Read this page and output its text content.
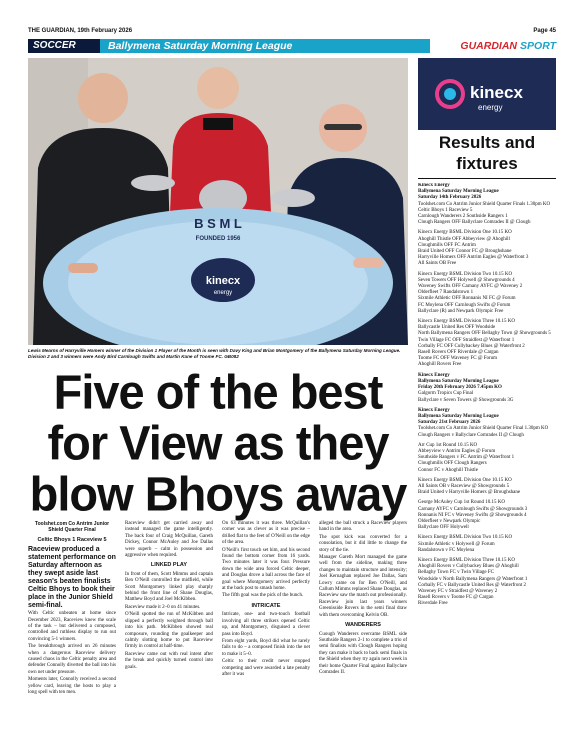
THE GUARDIAN, 19th February 2026	Page 45
SOCCER	Ballymena Saturday Morning League	GUARDIAN SPORT
kinecx
energy
B S M L
FOUNDED 1956
Lewis Mearns of Harryville Homers winner of the Division 1 Player of the Month is seen with Davy King and Brian Montgomery of the Ballymena Saturday Morning League. Division 2 and 3 winners were Andy Bird Carnlough Swifts and Martin Kane of Toome FC. GB082
Five of the best for View as they blow Bhoys away
Toolshet.com Co Antrim Junior Shield Quarter Final
Celtic Bhoys 1 Raceview 5

Raceview produced a statement performance on Saturday afternoon as they swept aside last season's beaten finalists Celtic Bhoys to book their place in the Junior Shield semi-final.

With Celtic unbeaten at home since December 2023, Raceview knew the scale of the task – but delivered a composed, controlled and ruthless display to run out convincing 5-1 winners.

The breakthrough arrived on 26 minutes when a dangerous Raceview delivery caused chaos in the Celtic penalty area and defender Connolly diverted the ball into his own net under pressure.

Moments later, Connolly received a second yellow card, leaving the hosts to play a long spell with ten men.

Raceview didn't get carried away and instead managed the game intelligently. The back four of Craig McQuillan, Gareth Dickey, Connor McAuley and Joe Dallas were superb – calm in possession and aggressive when required.

LINKED PLAY

In front of them, Scott Mimms and captain Ben O'Neill controlled the midfield, while Scott Montgomery linked play sharply behind the front line of Shane Douglas, Matthew Boyd and Joel McKibben.

Raceview made it 2–0 on 41 minutes.

O'Neill spotted the run of McKibben and slipped a perfectly weighted through ball into his path. McKibben showed real composure, rounding the goalkeeper and calmly slotting home to put Raceview firmly in control at half-time.

Raceview came out with real intent after the break and quickly turned control into goals.

On 63 minutes it was three. McQuillan's corner was as clever as it was precise – drilled flat to the feet of O'Neill on the edge of the area.

O'Neill's first touch set him, and his second found the bottom corner from 16 yards. Two minutes later it was four. Pressure down the wide area forced Celtic deeper, and Douglas drove a ball across the face of goal where Montgomery arrived perfectly at the back post to smash home.

The fifth goal was the pick of the bunch.

INTRICATE

Intricate, one- and two-touch football involving all three strikers opened Celtic up, and Montgomery, disguised a clever pass into Boyd.

From eight yards, Boyd did what he rarely fails to do – a composed finish into the net to make it 5–0.

Celtic to their credit never stopped competing and were awarded a late penalty after it was

alleged the ball struck a Raceview players hand in the area.

The spot kick was converted for a consolation, but it did little to change the story of the tie.

Manager Gareth Mort managed the game well from the sideline, making three changes to maintain structure and intensity; Joel Kernaghan replaced Joe Dallas, Sam Lowry came on for Ben O'Neill, and Callum Mimms replaced Shane Douglas, as Raceview saw the match out professionally. Raceview join last years winners Greenisside Rovers in the semi final draw with them overcoming Kelvin OB.

WANDERERS

Cuough Wanderers overcame BSML side Southside Rangers 2-1 to complete a trio of semi finalists with Clough Rangers hoping they can make it back to back semi finals in the Shield when they try again next week in their home Quarter Final against Ballyclare Comrades II.

kinecx
energy
Results and fixtures
Kinecx Energy
Ballymena Saturday Morning League
Saturday 14th February 2026
Toolshet.com Co Antrim Junior Shield Quarter Finals 1.30pm KO
Celtic Bhoys 1 Raceview 5
Carnlough Wanderers 2 Southside Rangers 1
Clough Rangers OFF Ballyclare Comrades II @ Clough
Kinecx Energy BSML Division One 10.15 KO
Ahoghill Thistle OFF Abbeyview @ Ahoghill
Cloughmills OFF FC Antrim
Braid United OFF Connor FC @ Broughshane
Harryville Homers OFF Antrim Eagles @ Waterfront 3
All Saints OB Free
Kinecx Energy BSML Division Two 10.15 KO
Seven Towers OFF Holywell @ Showgrounds 4
Waveney Swifts OFF Carnany AYFC @ Waveney 2
Olderfleet 7 Randalstown 1
Sixmile Athletic OFF Ronnanis NI FC @ Forum
FC Moylena OFF Carnlough Swifts @ Forum
Ballyclare (R) and Newpark Olympic Free
Kinecx Energy BSML Division Three 10.15 KO
Ballycastle United Res OFF Woodside
North Ballymena Rangers OFF Bellaghy Town @ Showgrounds 5
Twin Village FC OFF Straidfest @ Waterfront 1
Corbally FC OFF Cullybackey Blues @ Waterfront 2
Rasell Rovers OFF Riverdale @ Cargan
Toome FC OFF Waveney FC @ Forum
Ahoghill Rovers Free
Kinecx Energy
Ballymena Saturday Morning League
Friday 20th February 2026 7.45pm KO
Galgorm Tropics Cup Final
Ballyclare v Seven Towers @ Showgrounds 3G
Kinecx Energy
Ballymena Saturday Morning League
Saturday 21st February 2026
Toolshet.com Co Antrim Junior Shield Quarter Final 1.30pm KO
Clough Rangers v Ballyclare Comrades II @ Clough
Arr Cup 1st Round 10.15 KO
Abbeyview v Antrim Eagles @ Forum
Southside Rangers v FC Antrim @ Waterfront 1
Cloughmills OFF Clough Rangers
Connor FC v Ahoghill Thistle
Kinecx Energy BSML Division One 10.15 KO
All Saints OB v Raceview @ Showgrounds 5
Braid United v Harryville Homers @ Broughshane
George McAuley Cup 1st Round 10.15 KO
Carnany AYFC v Carnlough Swifts @ Showgrounds 3
Ronnanis NI FC v Waveney Swifts @ Showgrounds 4
Olderfleet v Newpark Olympic
Ballyclare OFF Holywell
Kinecx Energy BSML Division Two 10.15 KO
Sixmile Athletic v Holywell @ Forum
Randalstown v FC Moylena
Kinecx Energy BSML Division Three 10.15 KO
Ahoghill Rovers v Cullybackey Blues @ Ahoghill
Bellaghy Town FC v Twin Village FC
Woodside v North Ballymena Rangers @ Waterfront 1
Corbally FC v Ballycastle United Res @ Waterfront 2
Waveney FC v Straidfest @ Waveney 2
Rasell Rovers v Toome FC @ Cargan
Riverdale Free
